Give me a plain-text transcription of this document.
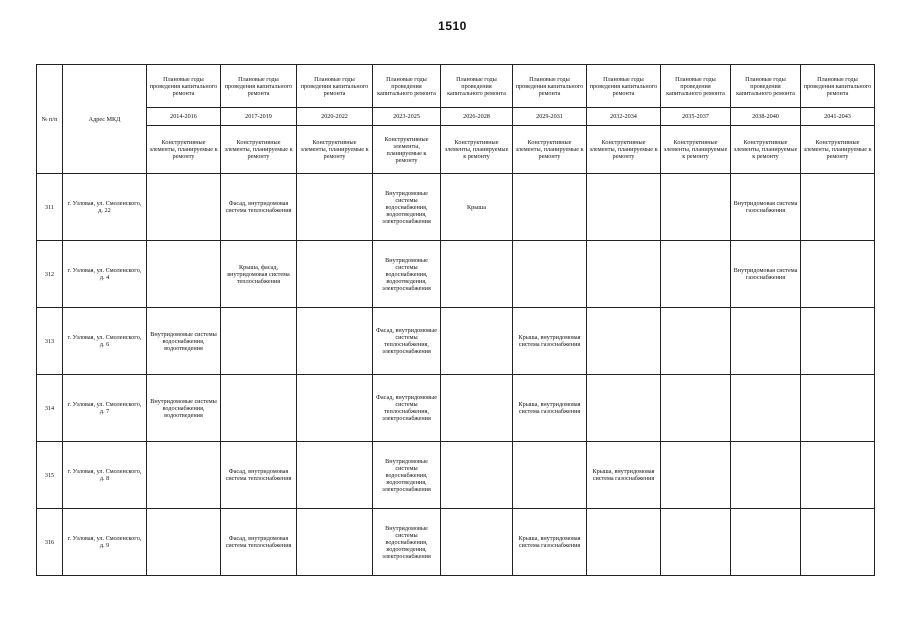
1510
№ п/п	Адрес МКД	Плановые годы проведения капитального ремонта	Плановые годы проведения капитального ремонта	Плановые годы проведения капитального ремонта	Плановые годы проведения капитального ремонта	Плановые годы проведения капитального ремонта	Плановые годы проведения капитального ремонта	Плановые годы проведения капитального ремонта	Плановые годы проведения капитального ремонта	Плановые годы проведения капитального ремонта	Плановые годы проведения капитального ремонта
		2014-2016	2017-2019	2020-2022	2023-2025	2026-2028	2029-2031	2032-2034	2035-2037	2038-2040	2041-2043
		Конструктивные элементы, планируемые к ремонту	Конструктивные элементы, планируемые к ремонту	Конструктивные элементы, планируемые к ремонту	Конструктивные элементы, планируемые к ремонту	Конструктивные элементы, планируемые к ремонту	Конструктивные элементы, планируемые к ремонту	Конструктивные элементы, планируемые к ремонту	Конструктивные элементы, планируемые к ремонту	Конструктивные элементы, планируемые к ремонту	Конструктивные элементы, планируемые к ремонту
311	г. Узловая, ул. Смоленского, д. 22		Фасад, внутридомовая система теплоснабжения		Внутридомовые системы водоснабжения, водоотведения, электроснабжения	Крыша				Внутридомовая система газоснабжения	
312	г. Узловая, ул. Смоленского, д. 4		Крыша, фасад, внутридомовая система теплоснабжения		Внутридомовые системы водоснабжения, водоотведения, электроснабжения					Внутридомовая система газоснабжения	
313	г. Узловая, ул. Смоленского, д. 6	Внутридомовые системы водоснабжения, водоотведения			Фасад, внутридомовые системы теплоснабжения, электроснабжения		Крыша, внутридомовая система газоснабжения				
314	г. Узловая, ул. Смоленского, д. 7	Внутридомовые системы водоснабжения, водоотведения			Фасад, внутридомовые системы теплоснабжения, электроснабжения		Крыша, внутридомовая система газоснабжения				
315	г. Узловая, ул. Смоленского, д. 8		Фасад, внутридомовая система теплоснабжения		Внутридомовые системы водоснабжения, водоотведения, электроснабжения			Крыша, внутридомовая система газоснабжения			
316	г. Узловая, ул. Смоленского, д. 9		Фасад, внутридомовая система теплоснабжения		Внутридомовые системы водоснабжения, водоотведения, электроснабжения		Крыша, внутридомовая система газоснабжения				
